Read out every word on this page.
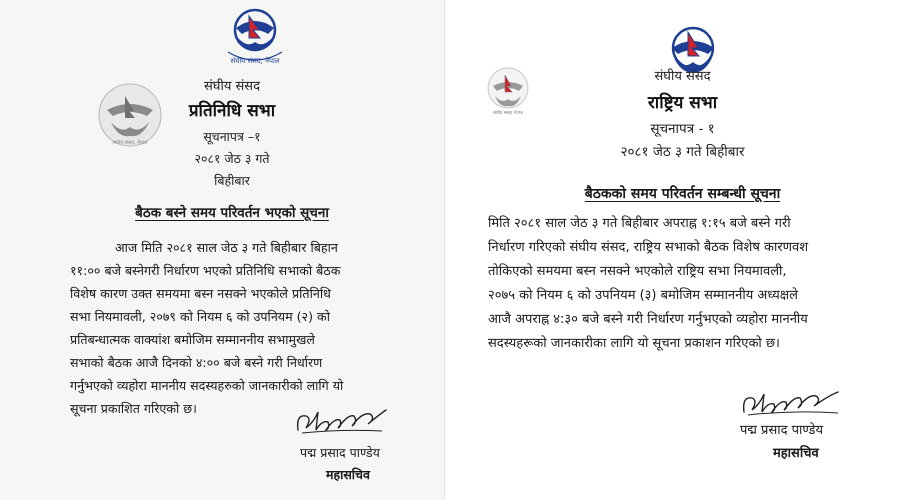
संघीय संसद, नेपाल
संघीय संसद, नेपाल

संघीय संसद

प्रतिनिधि सभा

सूचनापत्र –१

२०८१ जेठ ३ गते

बिहीबार

बैठक बस्ने समय परिवर्तन भएको सूचना

आज मिति २०८१ साल जेठ ३ गते बिहीबार बिहान
११:०० बजे बस्नेगरी निर्धारण भएको प्रतिनिधि सभाको बैठक
विशेष कारण उक्त समयमा बस्न नसक्ने भएकोले प्रतिनिधि
सभा नियमावली, २०७९ को नियम ६ को उपनियम (२) को
प्रतिबन्धात्मक वाक्यांश बमोजिम सम्माननीय सभामुखले
सभाको बैठक आजै दिनको ४:०० बजे बस्ने गरी निर्धारण
गर्नुभएको व्यहोरा माननीय सदस्यहरुको जानकारीको लागि यो
सूचना प्रकाशित गरिएको छ।

पद्म प्रसाद पाण्डेय

महासचिव

संघीय संसद नेपाल

संघीय संसद

राष्ट्रिय सभा

सूचनापत्र - १

२०८१ जेठ ३ गते बिहीबार

बैठकको समय परिवर्तन सम्बन्धी सूचना

मिति २०८१ साल जेठ ३ गते बिहीबार अपराह्न १:१५ बजे बस्ने गरी
निर्धारण गरिएको संघीय संसद, राष्ट्रिय सभाको बैठक विशेष कारणवश
तोकिएको समयमा बस्न नसक्ने भएकोले राष्ट्रिय सभा नियमावली,
२०७५ को नियम ६ को उपनियम (३) बमोजिम सम्माननीय अध्यक्षले
आजै अपराह्न ४:३० बजे बस्ने गरी निर्धारण गर्नुभएको व्यहोरा माननीय
सदस्यहरूको जानकारीका लागि यो सूचना प्रकाशन गरिएको छ।

पद्म प्रसाद पाण्डेय

महासचिव
